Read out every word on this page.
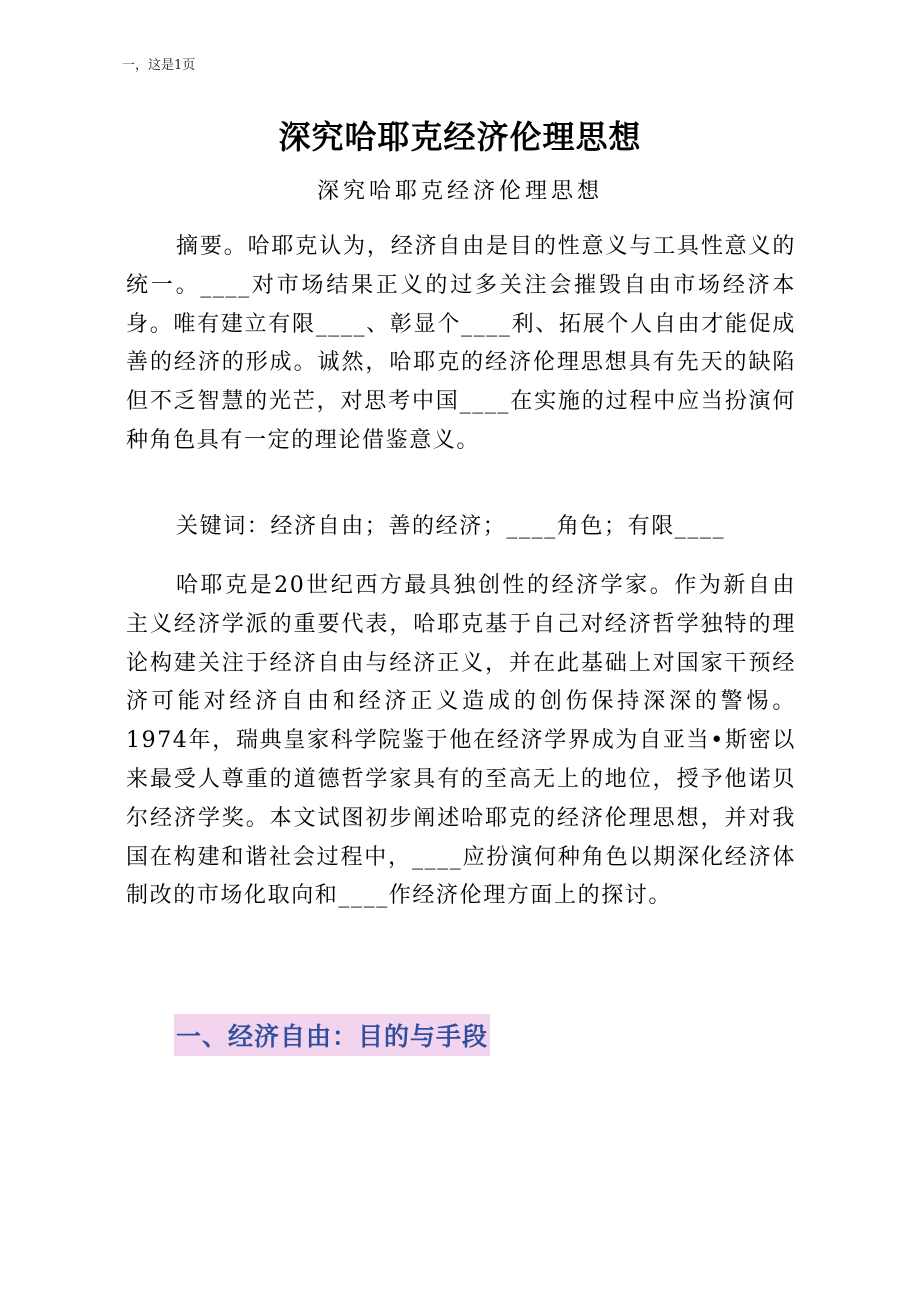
一，这是1页
深究哈耶克经济伦理思想
深究哈耶克经济伦理思想

摘要。哈耶克认为，经济自由是目的性意义与工具性意义的统一。____对市场结果正义的过多关注会摧毁自由市场经济本身。唯有建立有限____、彰显个____利、拓展个人自由才能促成善的经济的形成。诚然，哈耶克的经济伦理思想具有先天的缺陷但不乏智慧的光芒，对思考中国____在实施的过程中应当扮演何种角色具有一定的理论借鉴意义。

关键词：经济自由；善的经济；____角色；有限____

哈耶克是20世纪西方最具独创性的经济学家。作为新自由主义经济学派的重要代表，哈耶克基于自己对经济哲学独特的理论构建关注于经济自由与经济正义，并在此基础上对国家干预经济可能对经济自由和经济正义造成的创伤保持深深的警惕。1974年，瑞典皇家科学院鉴于他在经济学界成为自亚当•斯密以来最受人尊重的道德哲学家具有的至高无上的地位，授予他诺贝尔经济学奖。本文试图初步阐述哈耶克的经济伦理思想，并对我国在构建和谐社会过程中，____应扮演何种角色以期深化经济体制改的市场化取向和____作经济伦理方面上的探讨。

一、经济自由：目的与手段
